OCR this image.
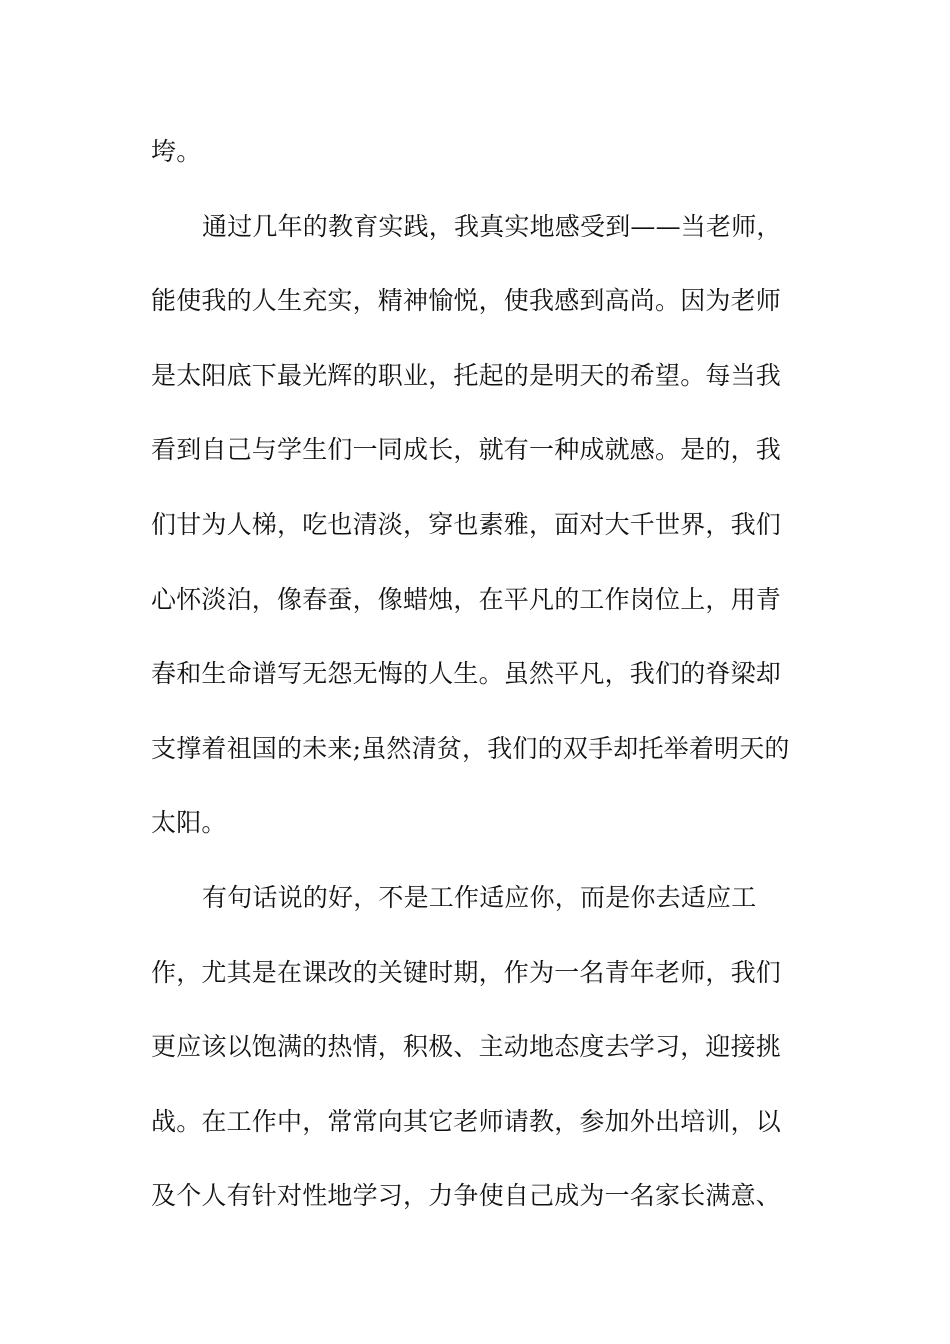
垮。
通过几年的教育实践，我真实地感受到——当老师，
能使我的人生充实，精神愉悦，使我感到高尚。因为老师
是太阳底下最光辉的职业，托起的是明天的希望。每当我
看到自己与学生们一同成长，就有一种成就感。是的，我
们甘为人梯，吃也清淡，穿也素雅，面对大千世界，我们
心怀淡泊，像春蚕，像蜡烛，在平凡的工作岗位上，用青
春和生命谱写无怨无悔的人生。虽然平凡，我们的脊梁却
支撑着祖国的未来;虽然清贫，我们的双手却托举着明天的
太阳。
有句话说的好，不是工作适应你，而是你去适应工
作，尤其是在课改的关键时期，作为一名青年老师，我们
更应该以饱满的热情，积极、主动地态度去学习，迎接挑
战。在工作中，常常向其它老师请教，参加外出培训，以
及个人有针对性地学习，力争使自己成为一名家长满意、
